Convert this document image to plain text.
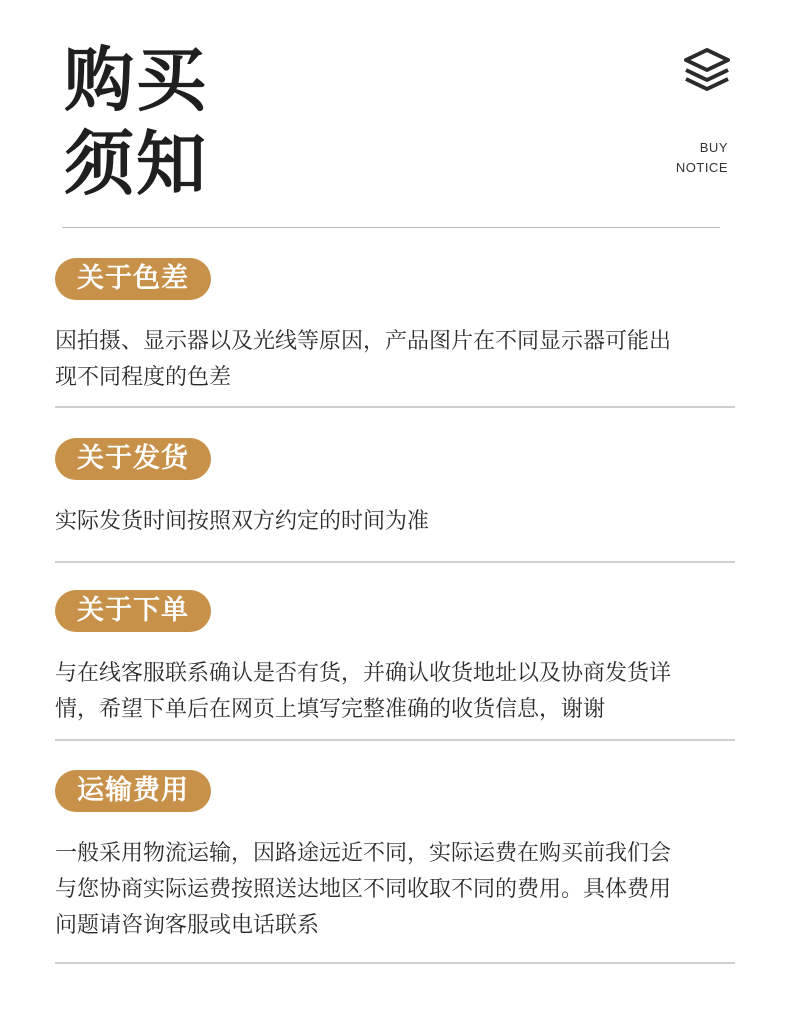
购买
须知	BUY
NOTICE
关于色差
因拍摄、显示器以及光线等原因，产品图片在不同显示器可能出
现不同程度的色差
关于发货
实际发货时间按照双方约定的时间为准
关于下单
与在线客服联系确认是否有货，并确认收货地址以及协商发货详
情，希望下单后在网页上填写完整准确的收货信息，谢谢
运输费用
一般采用物流运输，因路途远近不同，实际运费在购买前我们会
与您协商实际运费按照送达地区不同收取不同的费用。具体费用
问题请咨询客服或电话联系
